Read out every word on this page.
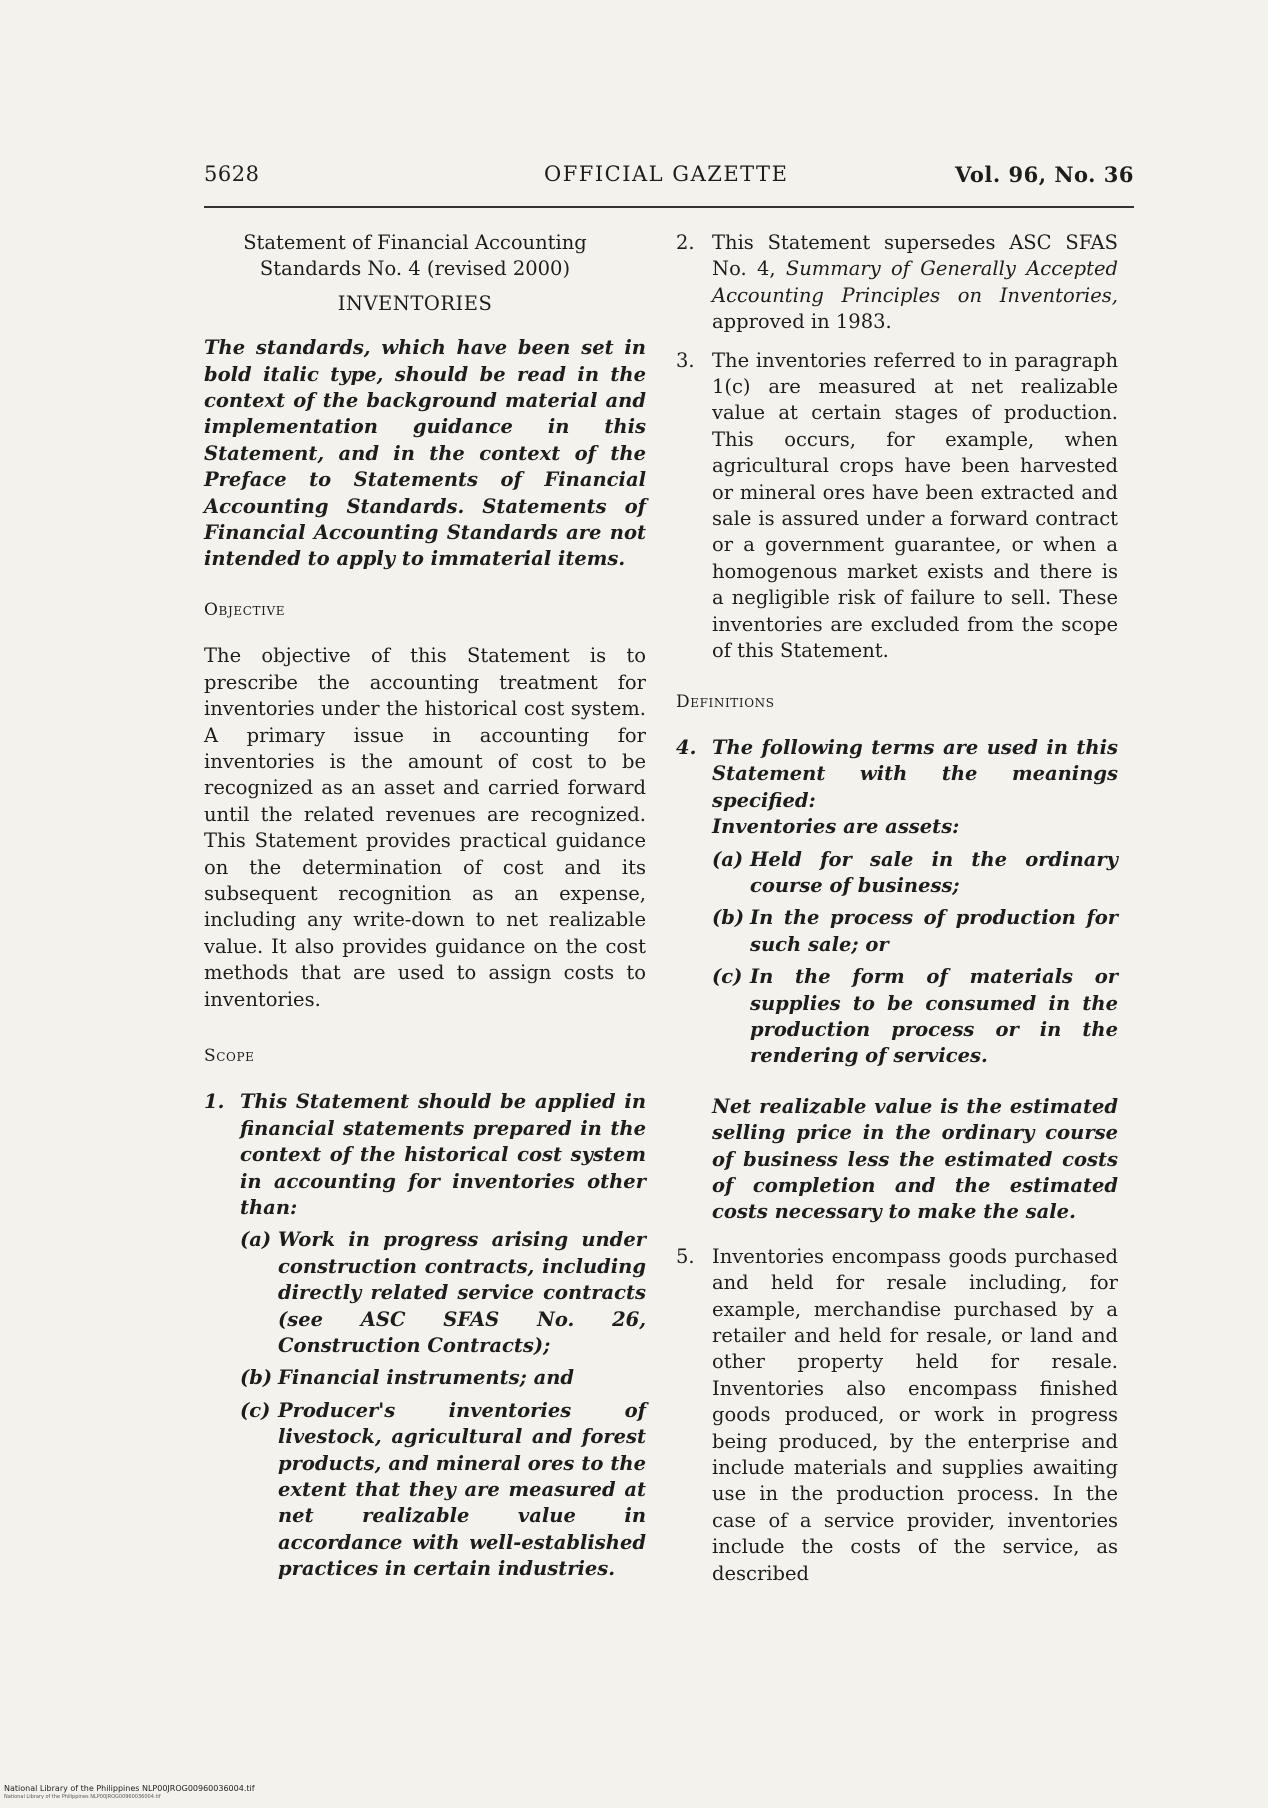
5628	OFFICIAL GAZETTE	Vol. 96, No. 36

Statement of Financial Accounting Standards No. 4 (revised 2000)

INVENTORIES

The standards, which have been set in bold italic type, should be read in the context of the background material and implementation guidance in this Statement, and in the context of the Preface to Statements of Financial Accounting Standards. Statements of Financial Accounting Standards are not intended to apply to immaterial items.

Objective

The objective of this Statement is to prescribe the accounting treatment for inventories under the historical cost system. A primary issue in accounting for inventories is the amount of cost to be recognized as an asset and carried forward until the related revenues are recognized. This Statement provides practical guidance on the determination of cost and its subsequent recognition as an expense, including any write-down to net realizable value. It also provides guidance on the cost methods that are used to assign costs to inventories.

Scope
1. This Statement should be applied in financial statements prepared in the context of the historical cost system in accounting for inventories other than:

(a) Work in progress arising under construction contracts, including directly related service contracts (see ASC SFAS No. 26, Construction Contracts);
(b) Financial instruments; and
(c) Producer's inventories of livestock, agricultural and forest products, and mineral ores to the extent that they are measured at net realizable value in accordance with well-established practices in certain industries.
2. This Statement supersedes ASC SFAS No. 4, Summary of Generally Accepted Accounting Principles on Inventories, approved in 1983.

3. The inventories referred to in paragraph 1(c) are measured at net realizable value at certain stages of production. This occurs, for example, when agricultural crops have been harvested or mineral ores have been extracted and sale is assured under a forward contract or a government guarantee, or when a homogenous market exists and there is a negligible risk of failure to sell. These inventories are excluded from the scope of this Statement.

Definitions
4. The following terms are used in this Statement with the meanings specified:

Inventories are assets:

(a) Held for sale in the ordinary course of business;
(b) In the process of production for such sale; or
(c) In the form of materials or supplies to be consumed in the production process or in the rendering of services.

Net realizable value is the estimated selling price in the ordinary course of business less the estimated costs of completion and the estimated costs necessary to make the sale.

5. Inventories encompass goods purchased and held for resale including, for example, merchandise purchased by a retailer and held for resale, or land and other property held for resale. Inventories also encompass finished goods produced, or work in progress being produced, by the enterprise and include materials and supplies awaiting use in the production process. In the case of a service provider, inventories include the costs of the service, as described

National Library of the Philippines NLP00JROG00960036004.tif
National Library of the Philippines NLP00JROG00960036004.tif
